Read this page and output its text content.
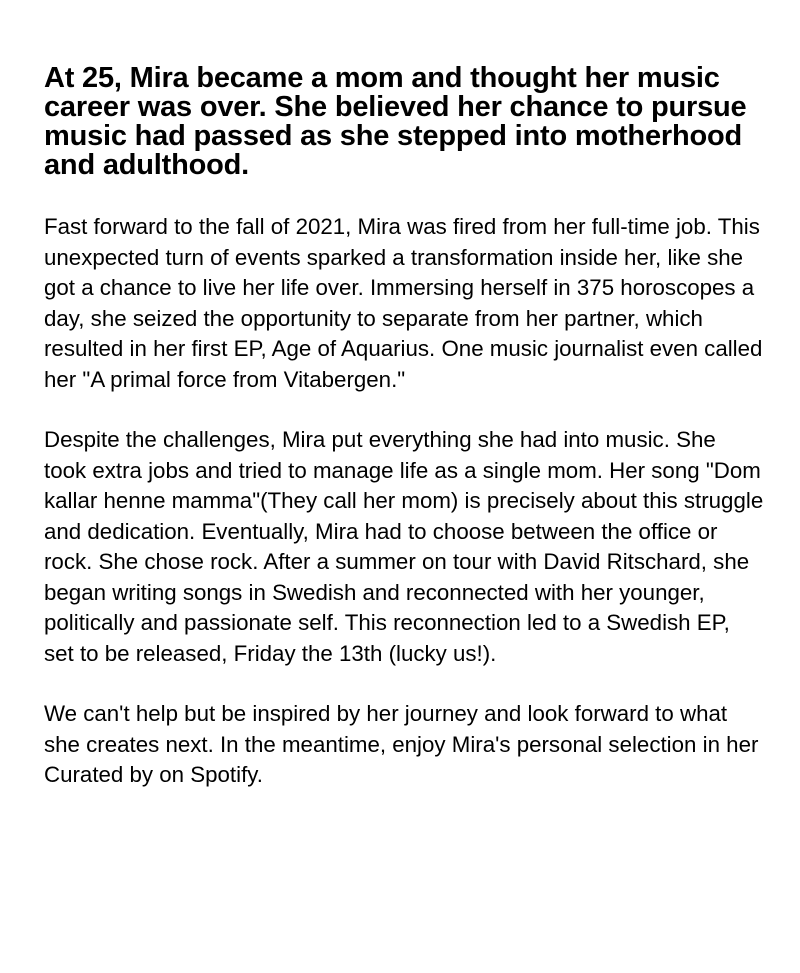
At 25, Mira became a mom and thought her music career was over. She believed her chance to pursue music had passed as she stepped into motherhood and adulthood.

Fast forward to the fall of 2021, Mira was fired from her full-time job. This unexpected turn of events sparked a transformation inside her, like she got a chance to live her life over. Immersing herself in 375 horoscopes a day, she seized the opportunity to separate from her partner, which resulted in her first EP, Age of Aquarius. One music journalist even called her "A primal force from Vitabergen."

Despite the challenges, Mira put everything she had into music. She took extra jobs and tried to manage life as a single mom. Her song "Dom kallar henne mamma"(They call her mom) is precisely about this struggle and dedication. Eventually, Mira had to choose between the office or rock. She chose rock. After a summer on tour with David Ritschard, she began writing songs in Swedish and reconnected with her younger, politically and passionate self. This reconnection led to a Swedish EP, set to be released, Friday the 13th (lucky us!).

We can't help but be inspired by her journey and look forward to what she creates next. In the meantime, enjoy Mira's personal selection in her Curated by on Spotify.
